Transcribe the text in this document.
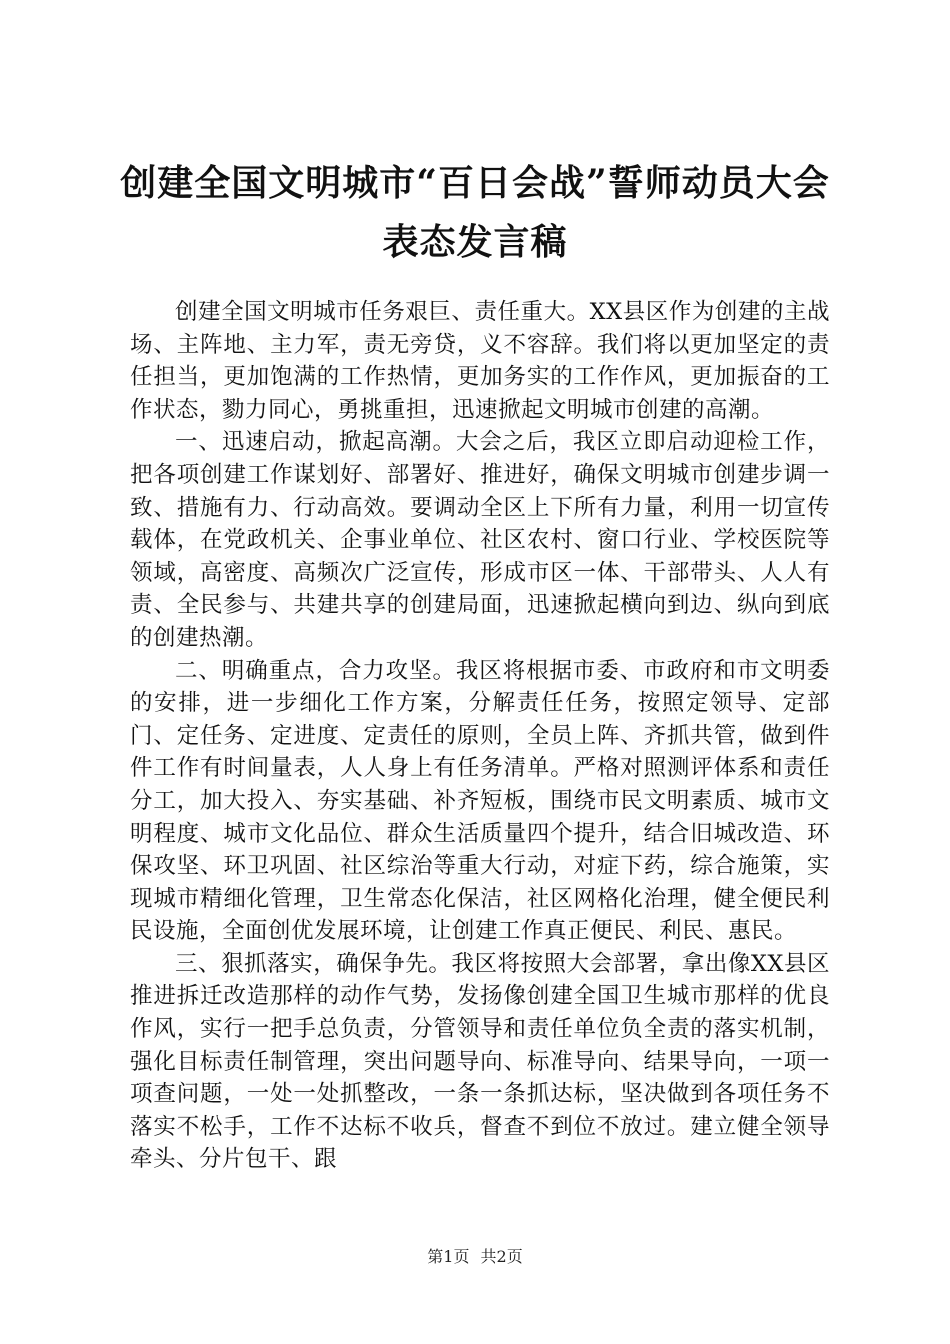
创建全国文明城市“百日会战”誓师动员大会
表态发言稿

创建全国文明城市任务艰巨、责任重大。XX县区作为创建的主战场、主阵地、主力军，责无旁贷，义不容辞。我们将以更加坚定的责任担当，更加饱满的工作热情，更加务实的工作作风，更加振奋的工作状态，勠力同心，勇挑重担，迅速掀起文明城市创建的高潮。

一、迅速启动，掀起高潮。大会之后，我区立即启动迎检工作，把各项创建工作谋划好、部署好、推进好，确保文明城市创建步调一致、措施有力、行动高效。要调动全区上下所有力量，利用一切宣传载体，在党政机关、企事业单位、社区农村、窗口行业、学校医院等领域，高密度、高频次广泛宣传，形成市区一体、干部带头、人人有责、全民参与、共建共享的创建局面，迅速掀起横向到边、纵向到底的创建热潮。

二、明确重点，合力攻坚。我区将根据市委、市政府和市文明委的安排，进一步细化工作方案，分解责任任务，按照定领导、定部门、定任务、定进度、定责任的原则，全员上阵、齐抓共管，做到件件工作有时间量表，人人身上有任务清单。严格对照测评体系和责任分工，加大投入、夯实基础、补齐短板，围绕市民文明素质、城市文明程度、城市文化品位、群众生活质量四个提升，结合旧城改造、环保攻坚、环卫巩固、社区综治等重大行动，对症下药，综合施策，实现城市精细化管理，卫生常态化保洁，社区网格化治理，健全便民利民设施，全面创优发展环境，让创建工作真正便民、利民、惠民。

三、狠抓落实，确保争先。我区将按照大会部署，拿出像XX县区推进拆迁改造那样的动作气势，发扬像创建全国卫生城市那样的优良作风，实行一把手总负责，分管领导和责任单位负全责的落实机制，强化目标责任制管理，突出问题导向、标准导向、结果导向，一项一项查问题，一处一处抓整改，一条一条抓达标，坚决做到各项任务不落实不松手，工作不达标不收兵，督查不到位不放过。建立健全领导牵头、分片包干、跟

第1页 共2页
